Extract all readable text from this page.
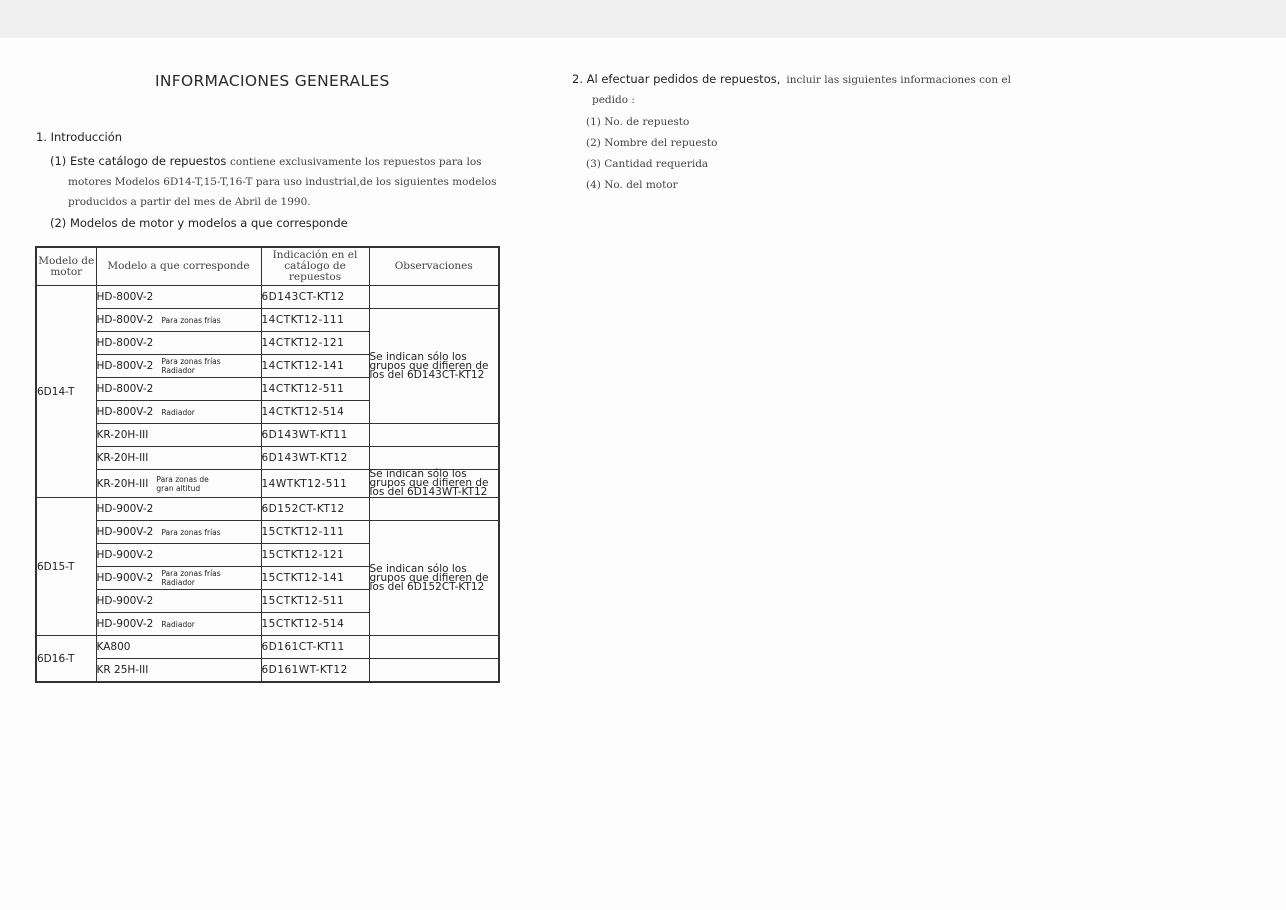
INFORMACIONES GENERALES
1. Introducción
(1) Este catálogo de repuestos contiene exclusivamente los repuestos para los
motores Modelos 6D14-T,15-T,16-T para uso industrial,de los siguientes modelos
producidos a partir del mes de Abril de 1990.
(2) Modelos de motor y modelos a que corresponde
2. Al efectuar pedidos de repuestos, incluir las siguientes informaciones con el
pedido :
(1) No. de repuesto
(2) Nombre del repuesto
(3) Cantidad requerida
(4) No. del motor
Modelo de motor	Modelo a que corresponde	Indicación en el catálogo de repuestos	Observaciones
6D14-T	HD-800V-2	6D143CT-KT12	
	HD-800V-2 Para zonas frías	14CTKT12-111	Se indican sólo los grupos que difieren de los del 6D143CT-KT12
	HD-800V-2	14CTKT12-121	
	HD-800V-2 Para zonas frías Radiador	14CTKT12-141	
	HD-800V-2	14CTKT12-511	
	HD-800V-2 Radiador	14CTKT12-514	
	KR-20H-III	6D143WT-KT11	
	KR-20H-III	6D143WT-KT12	
	KR-20H-III Para zonas de gran altitud	14WTKT12-511	Se indican sólo los grupos que difieren de los del 6D143WT-KT12
6D15-T	HD-900V-2	6D152CT-KT12	
	HD-900V-2 Para zonas frías	15CTKT12-111	Se indican sólo los grupos que difieren de los del 6D152CT-KT12
	HD-900V-2	15CTKT12-121	
	HD-900V-2 Para zonas frías Radiador	15CTKT12-141	
	HD-900V-2	15CTKT12-511	
	HD-900V-2 Radiador	15CTKT12-514	
6D16-T	KA800	6D161CT-KT11	
	KR 25H-III	6D161WT-KT12	
